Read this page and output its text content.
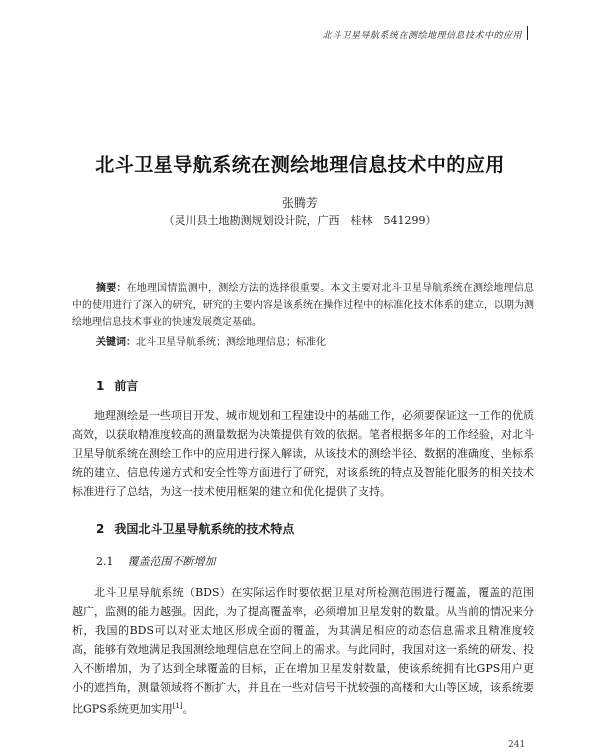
北斗卫星导航系统在测绘地理信息技术中的应用
北斗卫星导航系统在测绘地理信息技术中的应用
张腾芳
（灵川县土地勘测规划设计院，广西　桂林　541299）
摘要：在地理国情监测中，测绘方法的选择很重要。本文主要对北斗卫星导航系统在测绘地理信息中的使用进行了深入的研究，研究的主要内容是该系统在操作过程中的标准化技术体系的建立，以期为测绘地理信息技术事业的快速发展奠定基础。
关键词：北斗卫星导航系统；测绘地理信息；标准化
1 前言
地理测绘是一些项目开发、城市规划和工程建设中的基础工作，必须要保证这一工作的优质高效，以获取精准度较高的测量数据为决策提供有效的依据。笔者根据多年的工作经验，对北斗卫星导航系统在测绘工作中的应用进行探入解读，从该技术的测绘半径、数据的准确度、坐标系统的建立、信息传递方式和安全性等方面进行了研究，对该系统的特点及智能化服务的相关技术标准进行了总结，为这一技术使用框架的建立和优化提供了支持。
2 我国北斗卫星导航系统的技术特点
2.1 覆盖范围不断增加
北斗卫星导航系统（BDS）在实际运作时要依据卫星对所检测范围进行覆盖，覆盖的范围越广，监测的能力越强。因此，为了提高覆盖率，必须增加卫星发射的数量。从当前的情况来分析，我国的BDS可以对亚太地区形成全面的覆盖，为其满足相应的动态信息需求且精准度较高，能够有效地满足我国测绘地理信息在空间上的需求。与此同时，我国对这一系统的研发、投入不断增加，为了达到全球覆盖的目标，正在增加卫星发射数量，使该系统拥有比GPS用户更小的遮挡角，测量领域将不断扩大，并且在一些对信号干扰较强的高楼和大山等区域，该系统要比GPS系统更加实用[1]。
241
